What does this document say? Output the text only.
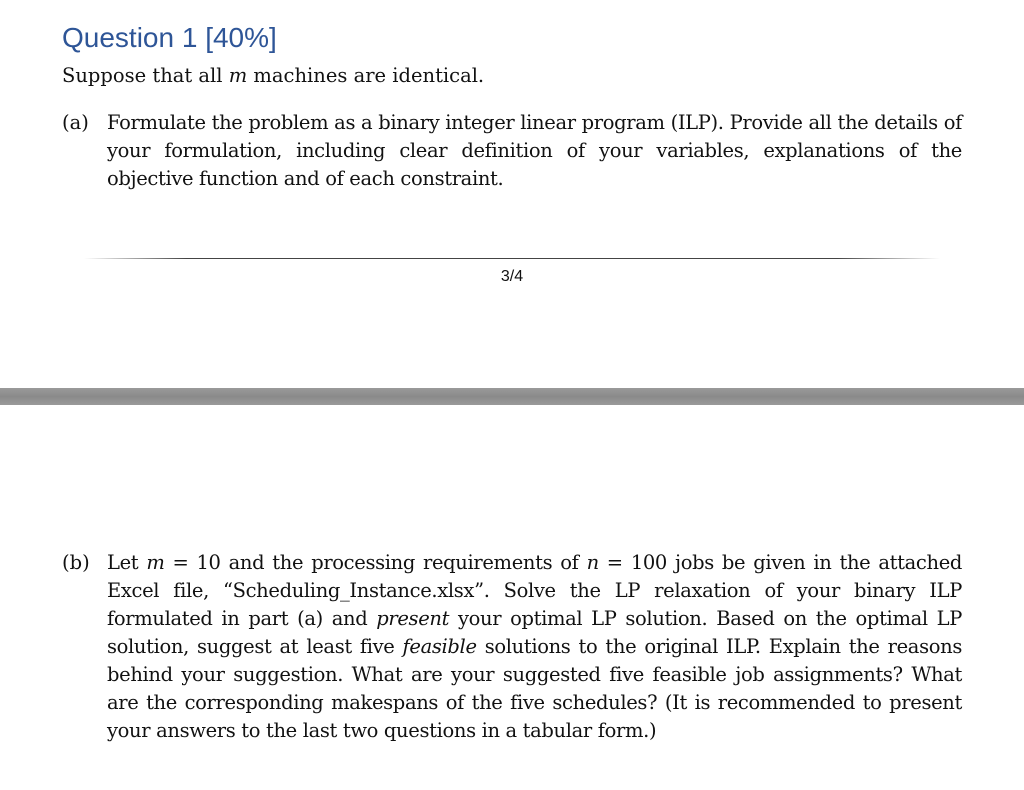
Question 1 [40%]
Suppose that all m machines are identical.
(a) Formulate the problem as a binary integer linear program (ILP). Provide all the details of your formulation, including clear definition of your variables, explanations of the objective function and of each constraint.
3/4
(b) Let m = 10 and the processing requirements of n = 100 jobs be given in the attached Excel file, “Scheduling_Instance.xlsx”. Solve the LP relaxation of your binary ILP formulated in part (a) and present your optimal LP solution. Based on the optimal LP solution, suggest at least five feasible solutions to the original ILP. Explain the reasons behind your suggestion. What are your suggested five feasible job assignments? What are the corresponding makespans of the five schedules? (It is recommended to present your answers to the last two questions in a tabular form.)
